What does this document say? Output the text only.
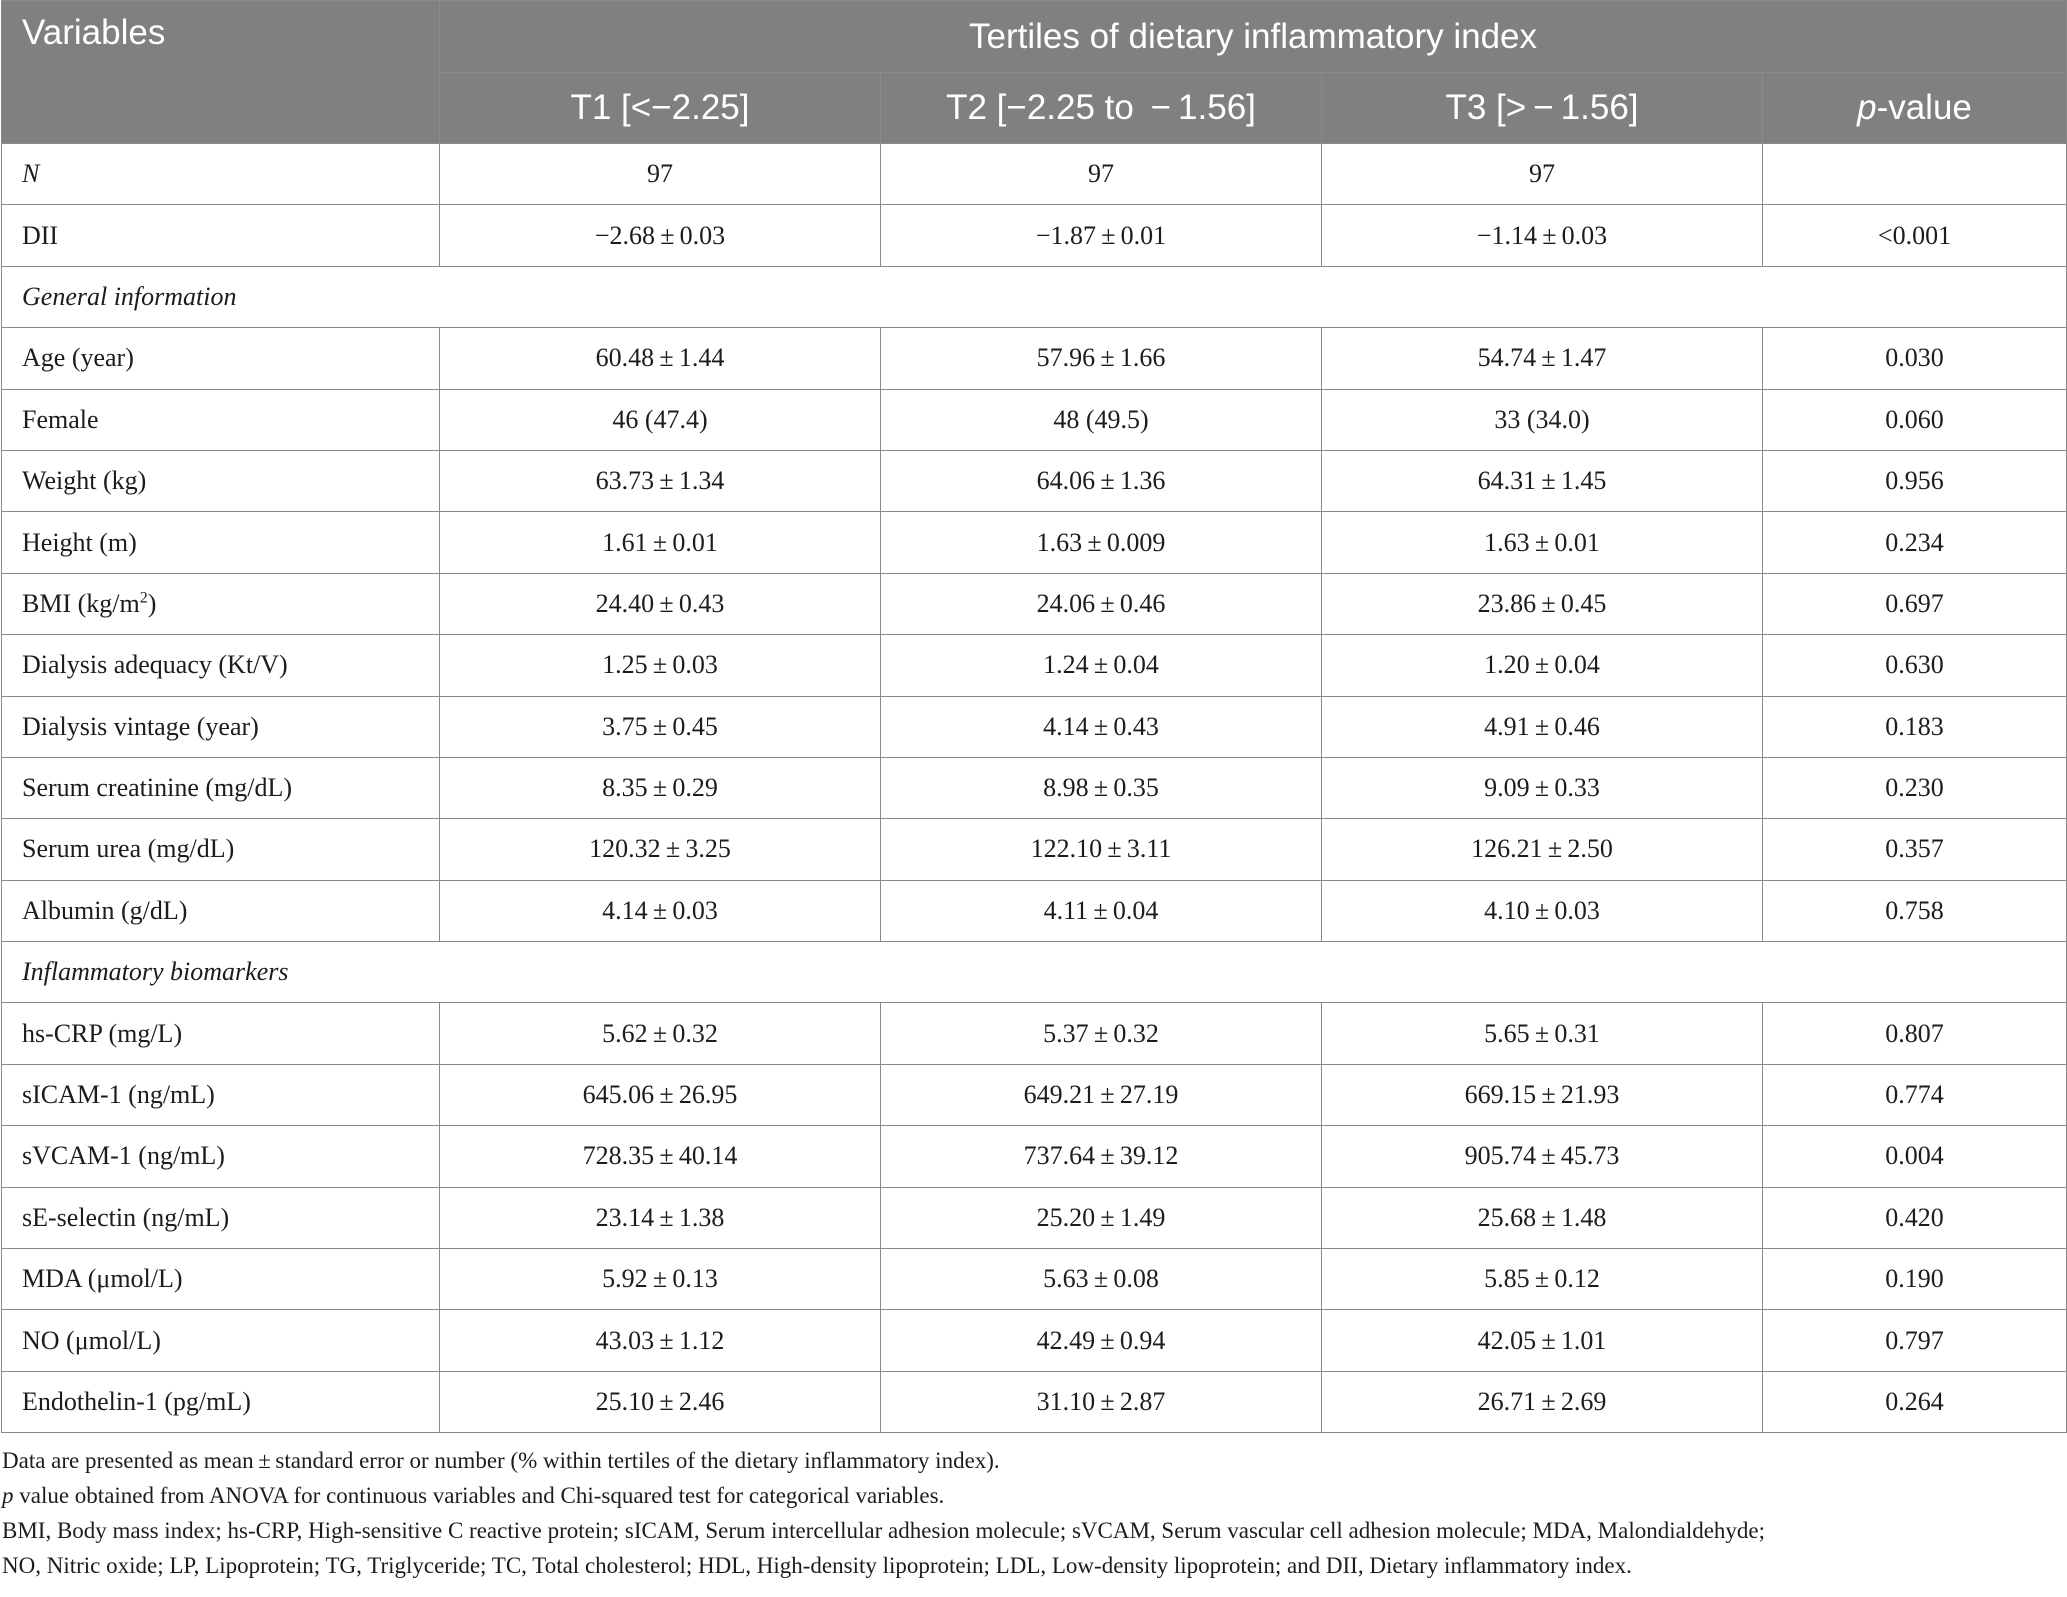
Variables	Tertiles of dietary inflammatory index			
	T1 [<−2.25]	T2 [−2.25 to  − 1.56]	T3 [> − 1.56]	p-value
N	97	97	97	
DII	−2.68 ± 0.03	−1.87 ± 0.01	−1.14 ± 0.03	<0.001
General information				
Age (year)	60.48 ± 1.44	57.96 ± 1.66	54.74 ± 1.47	0.030
Female	46 (47.4)	48 (49.5)	33 (34.0)	0.060
Weight (kg)	63.73 ± 1.34	64.06 ± 1.36	64.31 ± 1.45	0.956
Height (m)	1.61 ± 0.01	1.63 ± 0.009	1.63 ± 0.01	0.234
BMI $(kg/m^2)$	24.40 ± 0.43	24.06 ± 0.46	23.86 ± 0.45	0.697
Dialysis adequacy (Kt/V)	1.25 ± 0.03	1.24 ± 0.04	1.20 ± 0.04	0.630
Dialysis vintage (year)	3.75 ± 0.45	4.14 ± 0.43	4.91 ± 0.46	0.183
Serum creatinine (mg/dL)	8.35 ± 0.29	8.98 ± 0.35	9.09 ± 0.33	0.230
Serum urea (mg/dL)	120.32 ± 3.25	122.10 ± 3.11	126.21 ± 2.50	0.357
Albumin (g/dL)	4.14 ± 0.03	4.11 ± 0.04	4.10 ± 0.03	0.758
Inflammatory biomarkers				
hs-CRP (mg/L)	5.62 ± 0.32	5.37 ± 0.32	5.65 ± 0.31	0.807
sICAM-1 (ng/mL)	645.06 ± 26.95	649.21 ± 27.19	669.15 ± 21.93	0.774
sVCAM-1 (ng/mL)	728.35 ± 40.14	737.64 ± 39.12	905.74 ± 45.73	0.004
sE-selectin (ng/mL)	23.14 ± 1.38	25.20 ± 1.49	25.68 ± 1.48	0.420
MDA (μmol/L)	5.92 ± 0.13	5.63 ± 0.08	5.85 ± 0.12	0.190
NO (μmol/L)	43.03 ± 1.12	42.49 ± 0.94	42.05 ± 1.01	0.797
Endothelin-1 (pg/mL)	25.10 ± 2.46	31.10 ± 2.87	26.71 ± 2.69	0.264
Data are presented as mean ± standard error or number (% within tertiles of the dietary inflammatory index).
p value obtained from ANOVA for continuous variables and Chi-squared test for categorical variables.
BMI, Body mass index; hs-CRP, High-sensitive C reactive protein; sICAM, Serum intercellular adhesion molecule; sVCAM, Serum vascular cell adhesion molecule; MDA, Malondialdehyde;
NO, Nitric oxide; LP, Lipoprotein; TG, Triglyceride; TC, Total cholesterol; HDL, High-density lipoprotein; LDL, Low-density lipoprotein; and DII, Dietary inflammatory index.
